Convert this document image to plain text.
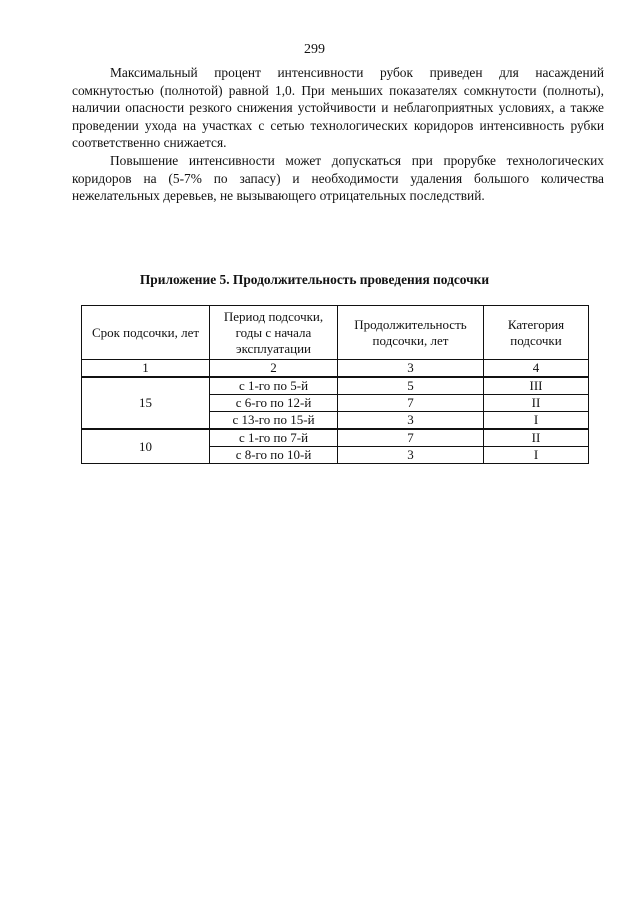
299

Максимальный процент интенсивности рубок приведен для насаждений сомкнутостью (полнотой) равной 1,0. При меньших показателях сомкнутости (полноты), наличии опасности резкого снижения устойчивости и неблагоприятных условиях, а также проведении ухода на участках с сетью технологических коридоров интенсивность рубки соответственно снижается.

Повышение интенсивности может допускаться при прорубке технологических коридоров на (5-7% по запасу) и необходимости удаления большого количества нежелательных деревьев, не вызывающего отрицательных последствий.

Приложение 5. Продолжительность проведения подсочки
Срок подсочки, лет	Период подсочки, годы с начала эксплуатации	Продолжительность подсочки, лет	Категория подсочки
1	2	3	4
15	с 1-го по 5-й	5	III
	с 6-го по 12-й	7	II
	с 13-го по 15-й	3	I
10	с 1-го по 7-й	7	II
	с 8-го по 10-й	3	I
